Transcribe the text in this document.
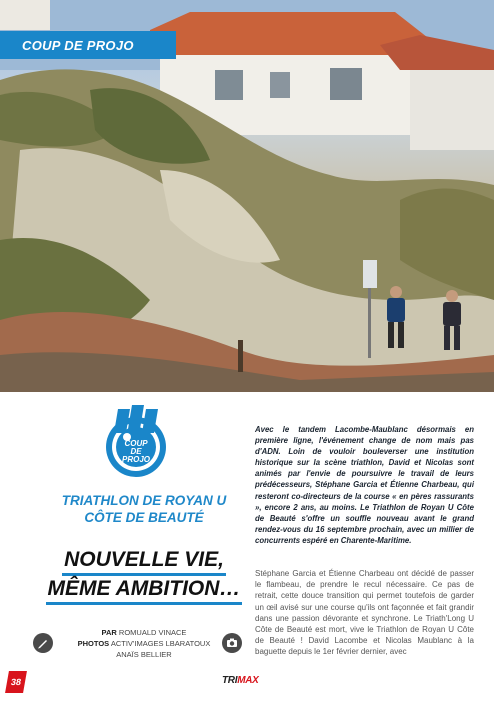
COUP DE PROJO
COUP
DE
PROJO
TRIATHLON DE ROYAN U
CÔTE DE BEAUTÉ
NOUVELLE VIE,
MÊME AMBITION…
PAR ROMUALD VINACE
PHOTOS ACTIV'IMAGES LBARATOUX
ANAÏS BELLIER

Avec le tandem Lacombe-Maublanc désormais en première ligne, l'événement change de nom mais pas d'ADN. Loin de vouloir bouleverser une institution historique sur la scène triathlon, David et Nicolas sont animés par l'envie de poursuivre le travail de leurs prédécesseurs, Stéphane Garcia et Étienne Charbeau, qui resteront co-directeurs de la course « en pères rassurants », encore 2 ans, au moins. Le Triathlon de Royan U Côte de Beauté s'offre un souffle nouveau avant le grand rendez-vous du 16 septembre prochain, avec un millier de concurrents espéré en Charente-Maritime.

Stéphane Garcia et Étienne Charbeau ont décidé de passer le flambeau, de prendre le recul nécessaire. Ce pas de retrait, cette douce transition qui permet toutefois de garder un œil avisé sur une course qu'ils ont façonnée et fait grandir dans une passion dévorante et synchrone. Le Triath'Long U Côte de Beauté est mort, vive le Triathlon de Royan U Côte de Beauté ! David Lacombe et Nicolas Maublanc à la baguette depuis le 1er février dernier, avec

38	TRIMAX
